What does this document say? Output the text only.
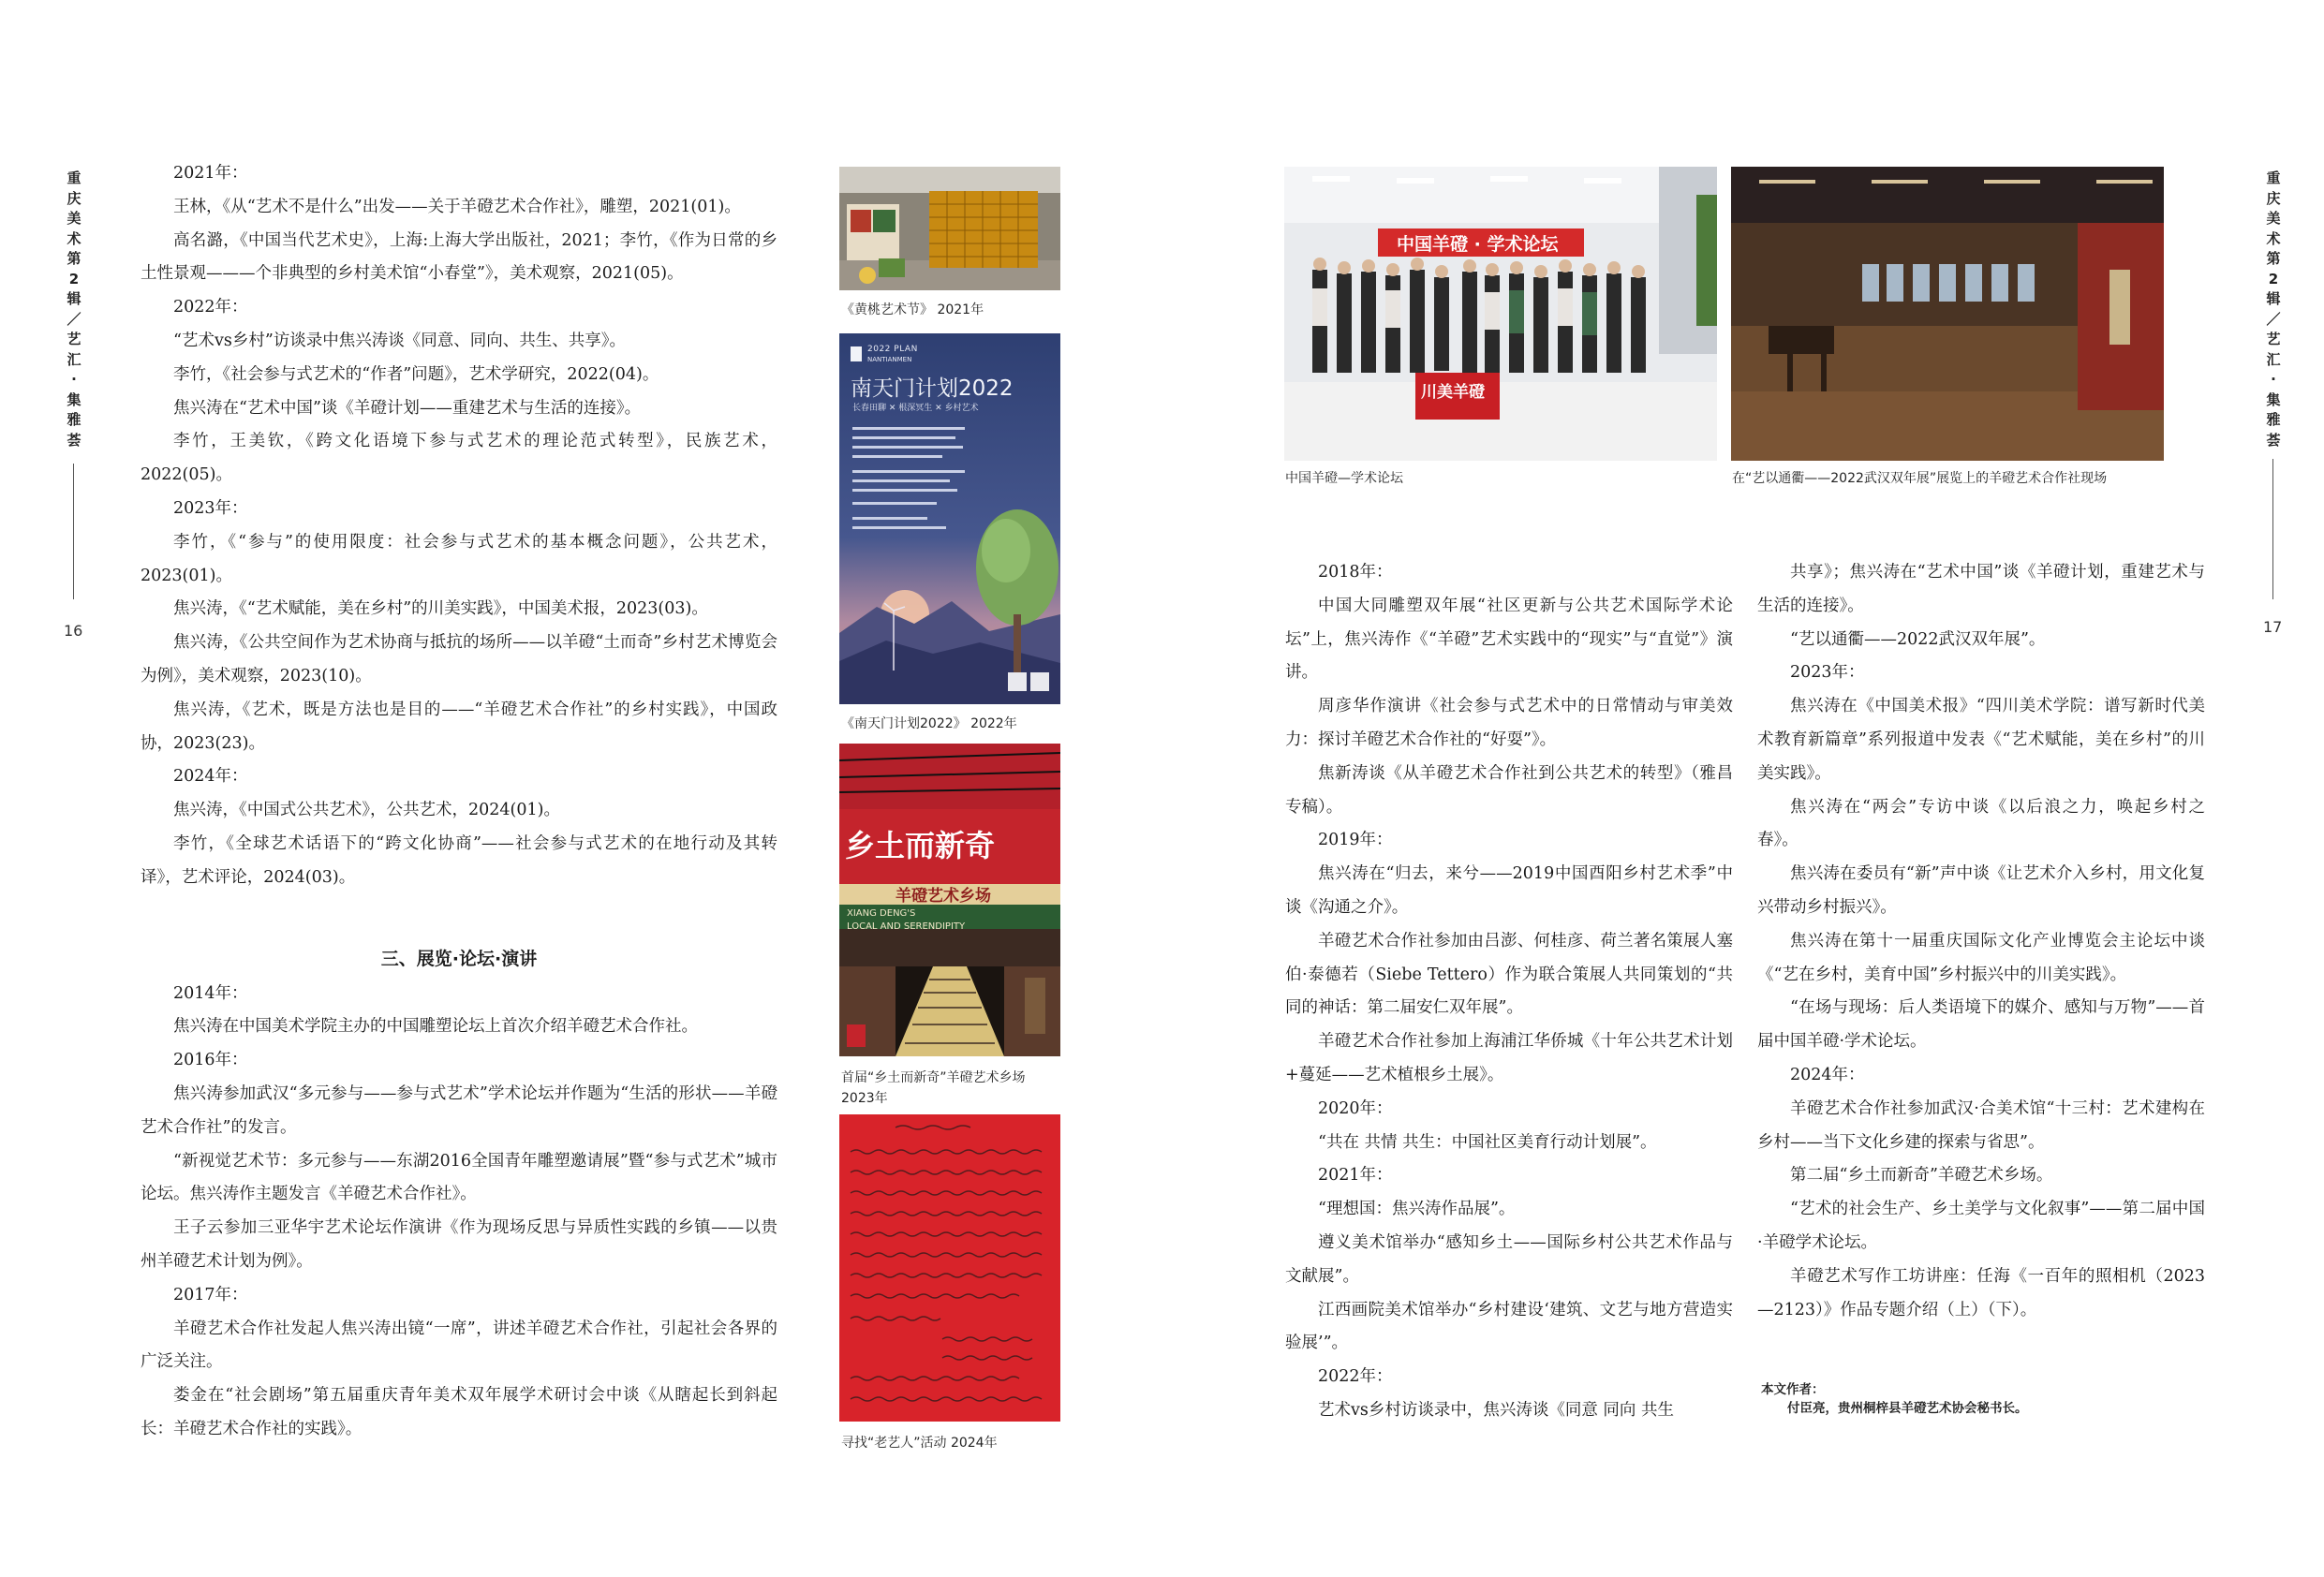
重
庆
美
术
第
2
辑
／
艺
汇
·
集
雅
荟
16
重
庆
美
术
第
2
辑
／
艺
汇
·
集
雅
荟
17

2021年：

王林，《从“艺术不是什么”出发——关于羊磴艺术合作社》，雕塑，2021(01)。

高名潞，《中国当代艺术史》，上海:上海大学出版社，2021；李竹，《作为日常的乡土性景观———个非典型的乡村美术馆“小春堂”》，美术观察，2021(05)。

2022年：

“艺术vs乡村”访谈录中焦兴涛谈《同意、同向、共生、共享》。

李竹，《社会参与式艺术的“作者”问题》，艺术学研究，2022(04)。

焦兴涛在“艺术中国”谈《羊磴计划——重建艺术与生活的连接》。

李竹，王美钦，《跨文化语境下参与式艺术的理论范式转型》，民族艺术，2022(05)。

2023年：

李竹，《“参与”的使用限度：社会参与式艺术的基本概念问题》，公共艺术，2023(01)。

焦兴涛，《“艺术赋能，美在乡村”的川美实践》，中国美术报，2023(03)。

焦兴涛，《公共空间作为艺术协商与抵抗的场所——以羊磴“土而奇”乡村艺术博览会为例》，美术观察，2023(10)。

焦兴涛，《艺术，既是方法也是目的——“羊磴艺术合作社”的乡村实践》，中国政协，2023(23)。

2024年：

焦兴涛，《中国式公共艺术》，公共艺术，2024(01)。

李竹，《全球艺术话语下的“跨文化协商”——社会参与式艺术的在地行动及其转译》，艺术评论，2024(03)。

三、展览·论坛·演讲

2014年：

焦兴涛在中国美术学院主办的中国雕塑论坛上首次介绍羊磴艺术合作社。

2016年：

焦兴涛参加武汉“多元参与——参与式艺术”学术论坛并作题为“生活的形状——羊磴艺术合作社”的发言。

“新视觉艺术节：多元参与——东湖2016全国青年雕塑邀请展”暨“参与式艺术”城市论坛。焦兴涛作主题发言《羊磴艺术合作社》。

王子云参加三亚华宇艺术论坛作演讲《作为现场反思与异质性实践的乡镇——以贵州羊磴艺术计划为例》。

2017年：

羊磴艺术合作社发起人焦兴涛出镜“一席”，讲述羊磴艺术合作社，引起社会各界的广泛关注。

娄金在“社会剧场”第五届重庆青年美术双年展学术研讨会中谈《从瞎起长到斜起长：羊磴艺术合作社的实践》。

《黄桃艺术节》 2021年
2022 PLAN
NANTIANMEN
南天门计划2022
长春田聊 ✕ 根深冥生 ✕ 乡村艺术
《南天门计划2022》 2022年
乡土而新奇
羊磴艺术乡场
XIANG DENG'S
LOCAL AND SERENDIPITY
首届“乡土而新奇”羊磴艺术乡场 2023年
寻找“老艺人”活动 2024年
中国羊磴 · 学术论坛
川美羊磴
中国羊磴—学术论坛	在“艺以通衢——2022武汉双年展”展览上的羊磴艺术合作社现场

2018年：

中国大同雕塑双年展“社区更新与公共艺术国际学术论坛”上，焦兴涛作《“羊磴”艺术实践中的“现实”与“直觉”》演讲。

周彦华作演讲《社会参与式艺术中的日常情动与审美效力：探讨羊磴艺术合作社的“好耍”》。

焦新涛谈《从羊磴艺术合作社到公共艺术的转型》（雅昌专稿）。

2019年：

焦兴涛在“归去，来兮——2019中国酉阳乡村艺术季”中谈《沟通之介》。

羊磴艺术合作社参加由吕澎、何桂彦、荷兰著名策展人塞伯·泰德若（Siebe Tettero）作为联合策展人共同策划的“共同的神话：第二届安仁双年展”。

羊磴艺术合作社参加上海浦江华侨城《十年公共艺术计划+蔓延——艺术植根乡土展》。

2020年：

“共在 共情 共生：中国社区美育行动计划展”。

2021年：

“理想国：焦兴涛作品展”。

遵义美术馆举办“感知乡土——国际乡村公共艺术作品与文献展”。

江西画院美术馆举办“乡村建设‘建筑、文艺与地方营造实验展’”。

2022年：

艺术vs乡村访谈录中，焦兴涛谈《同意 同向 共生

共享》；焦兴涛在“艺术中国”谈《羊磴计划，重建艺术与生活的连接》。

“艺以通衢——2022武汉双年展”。

2023年：

焦兴涛在《中国美术报》“四川美术学院：谱写新时代美术教育新篇章”系列报道中发表《“艺术赋能，美在乡村”的川美实践》。

焦兴涛在“两会”专访中谈《以后浪之力，唤起乡村之春》。

焦兴涛在委员有“新”声中谈《让艺术介入乡村，用文化复兴带动乡村振兴》。

焦兴涛在第十一届重庆国际文化产业博览会主论坛中谈《“艺在乡村，美育中国”乡村振兴中的川美实践》。

“在场与现场：后人类语境下的媒介、感知与万物”——首届中国羊磴·学术论坛。

2024年：

羊磴艺术合作社参加武汉·合美术馆“十三村：艺术建构在乡村——当下文化乡建的探索与省思”。

第二届“乡土而新奇”羊磴艺术乡场。

“艺术的社会生产、乡土美学与文化叙事”——第二届中国·羊磴学术论坛。

羊磴艺术写作工坊讲座：任海《一百年的照相机（2023—2123）》作品专题介绍（上）（下）。

本文作者：
付臣亮，贵州桐梓县羊磴艺术协会秘书长。
